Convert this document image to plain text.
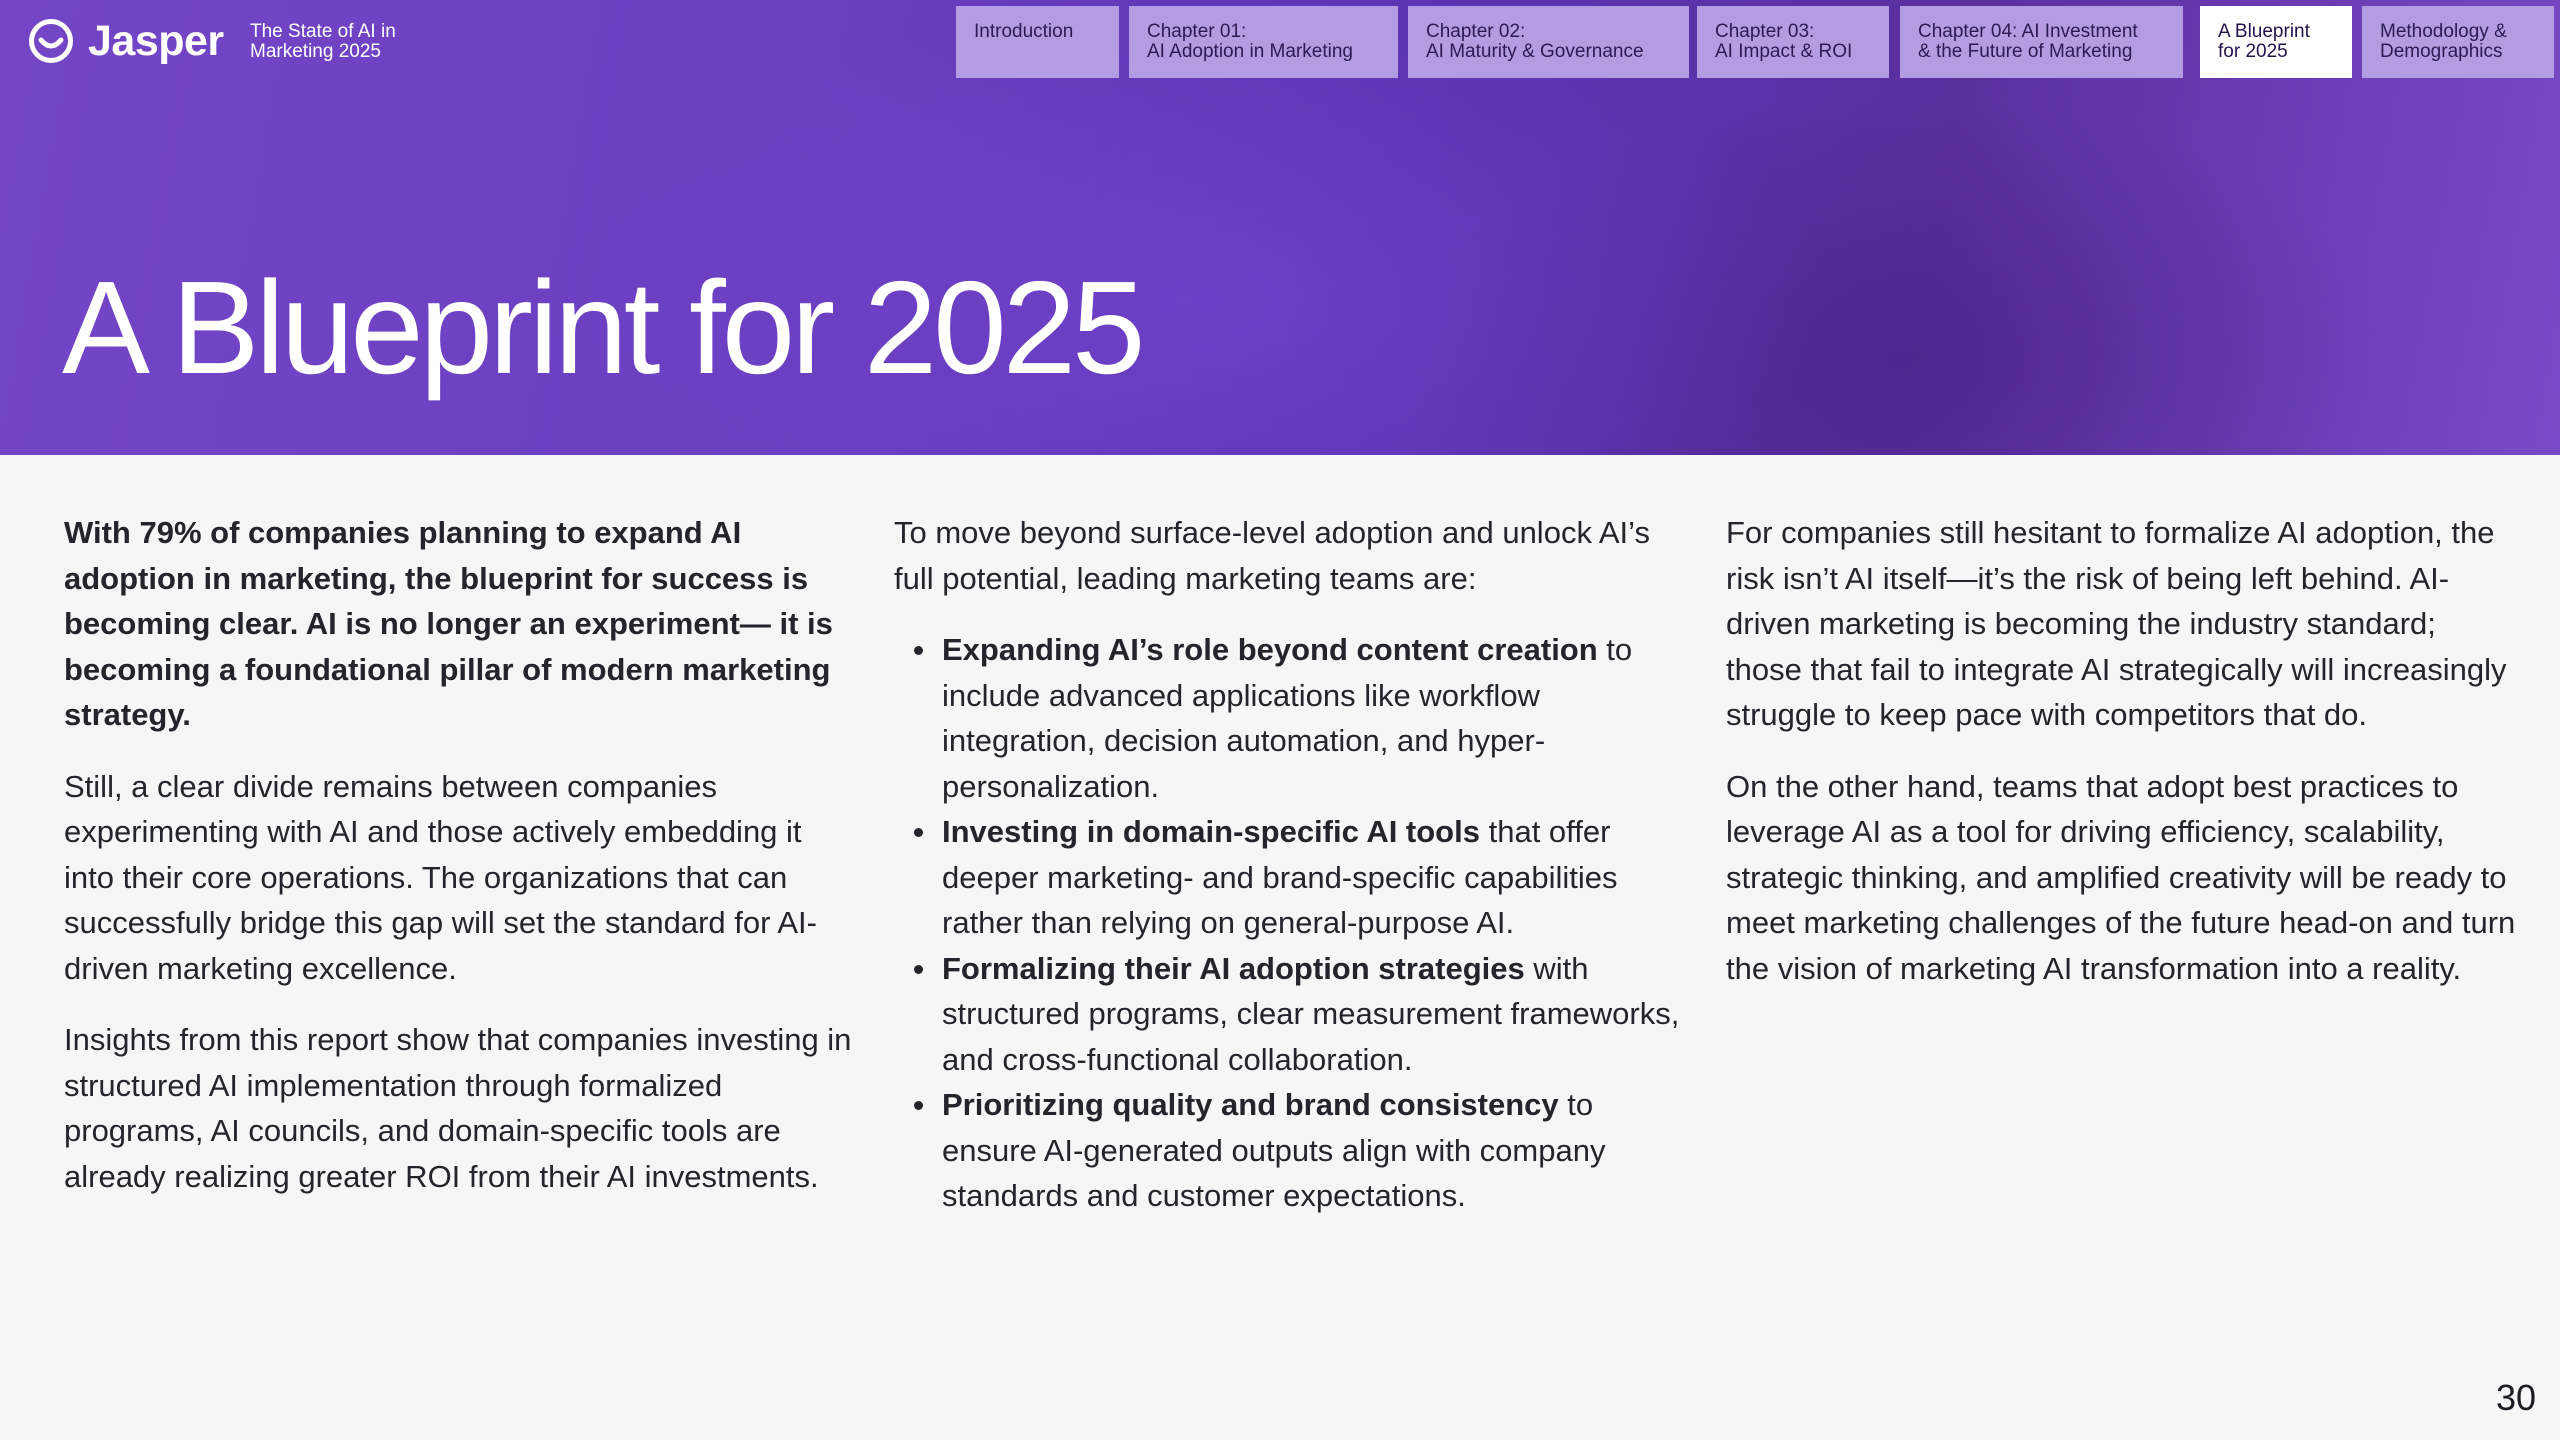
Jasper The State of AI in
Marketing 2025
Introduction	Chapter 01:
AI Adoption in Marketing
Chapter 02:
AI Maturity & Governance
Chapter 03:
AI Impact & ROI
Chapter 04: AI Investment
& the Future of Marketing
A Blueprint
for 2025
Methodology &
Demographics
A Blueprint for 2025

With 79% of companies planning to expand AI adoption in marketing, the blueprint for success is becoming clear. AI is no longer an experiment— it is becoming a foundational pillar of modern marketing strategy.

Still, a clear divide remains between companies experimenting with AI and those actively embedding it into their core operations. The organizations that can successfully bridge this gap will set the standard for AI-driven marketing excellence.

Insights from this report show that companies investing in structured AI implementation through formalized programs, AI councils, and domain-specific tools are already realizing greater ROI from their AI investments.

To move beyond surface-level adoption and unlock AI’s full potential, leading marketing teams are:

Expanding AI’s role beyond content creation to include advanced applications like workflow integration, decision automation, and hyper-personalization.
Investing in domain-specific AI tools that offer deeper marketing- and brand-specific capabilities rather than relying on general-purpose AI.
Formalizing their AI adoption strategies with structured programs, clear measurement frameworks, and cross-functional collaboration.
Prioritizing quality and brand consistency to ensure AI-generated outputs align with company standards and customer expectations.

For companies still hesitant to formalize AI adoption, the risk isn’t AI itself—it’s the risk of being left behind. AI-driven marketing is becoming the industry standard; those that fail to integrate AI strategically will increasingly struggle to keep pace with competitors that do.

On the other hand, teams that adopt best practices to leverage AI as a tool for driving efficiency, scalability, strategic thinking, and amplified creativity will be ready to meet marketing challenges of the future head-on and turn the vision of marketing AI transformation into a reality.

30
